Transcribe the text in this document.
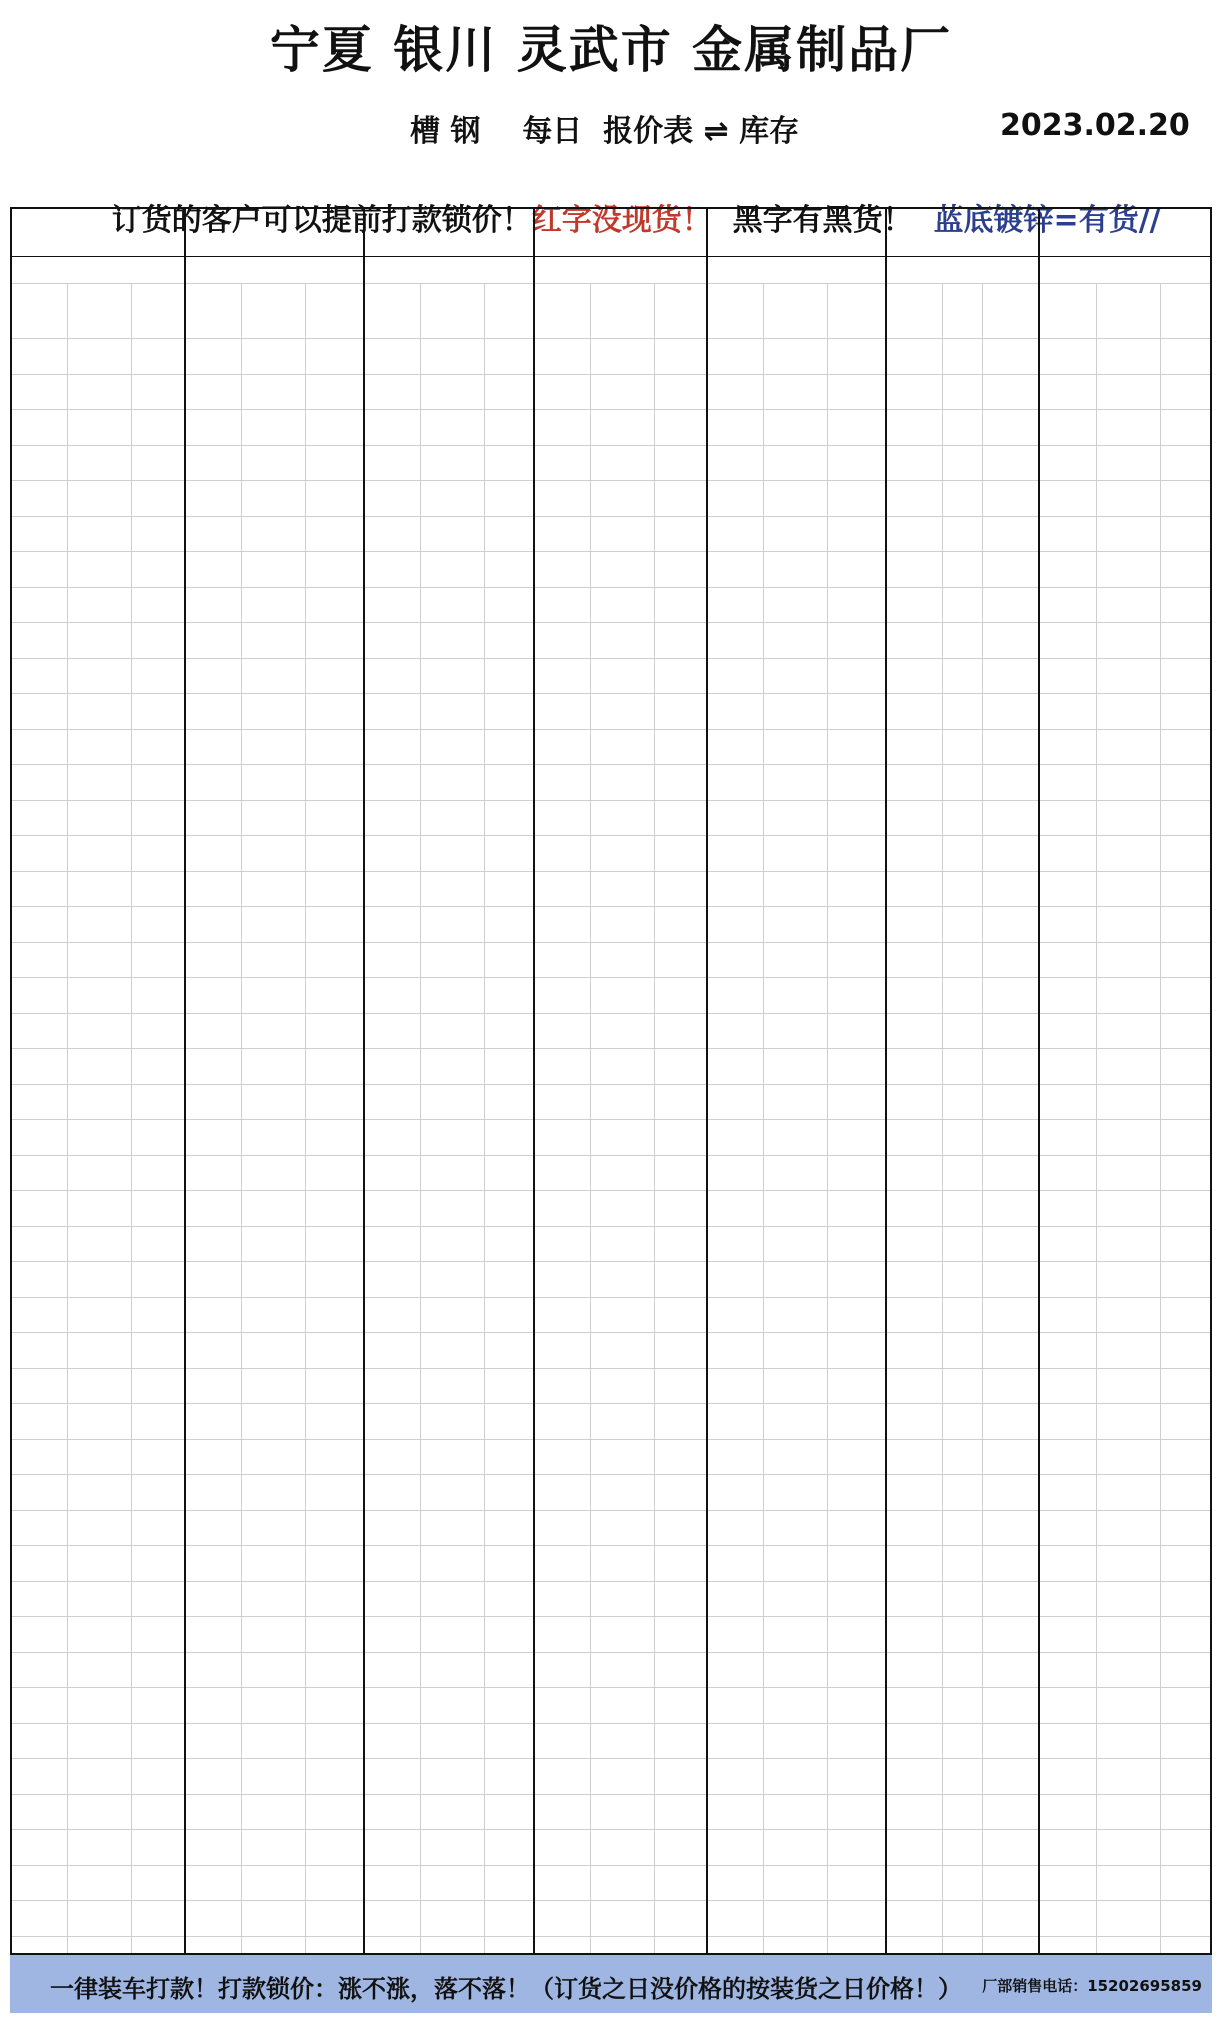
宁夏 银川 灵武市 金属制品厂
槽 钢    每日  报价表 ⇌ 库存	2023.02.20

订货的客户可以提前打款锁价！红字没现货！  黑字有黑货！  蓝底镀锌=有货//

一律装车打款！打款锁价：涨不涨，落不落！（订货之日没价格的按装货之日价格！） 厂部销售电话：15202695859
